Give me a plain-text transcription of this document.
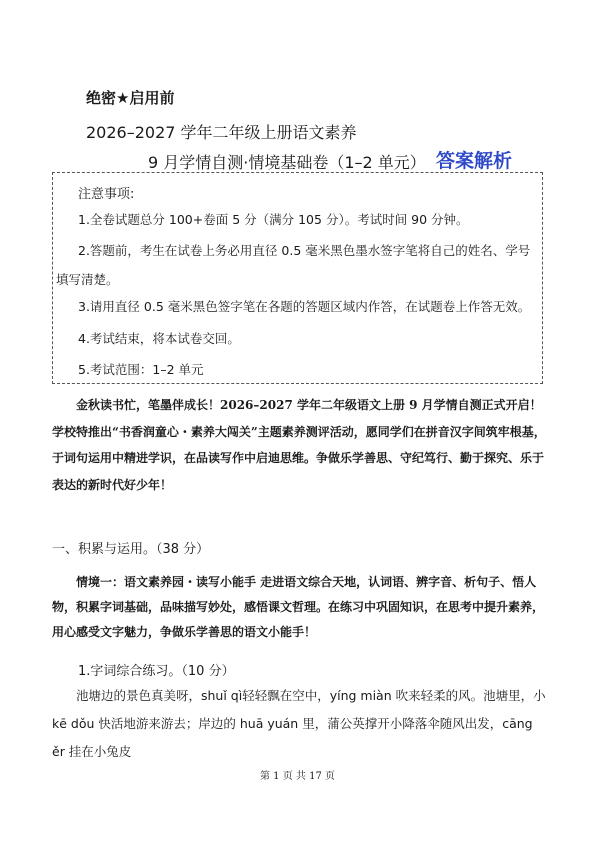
绝密★启用前
2026–2027 学年二年级上册语文素养
9 月学情自测·情境基础卷（1–2 单元） 答案解析
注意事项:
1.全卷试题总分 100+卷面 5 分（满分 105 分）。考试时间 90 分钟。
2.答题前，考生在试卷上务必用直径 0.5 毫米黑色墨水签字笔将自己的姓名、学号填写清楚。
3.请用直径 0.5 毫米黑色签字笔在各题的答题区域内作答，在试题卷上作答无效。
4.考试结束，将本试卷交回。
5.考试范围：1–2 单元

金秋读书忙，笔墨伴成长！2026–2027 学年二年级语文上册 9 月学情自测正式开启！学校特推出“书香润童心・素养大闯关”主题素养测评活动，愿同学们在拼音汉字间筑牢根基，于词句运用中精进学识，在品读写作中启迪思维。争做乐学善思、守纪笃行、勤于探究、乐于表达的新时代好少年！

一、积累与运用。（38 分）

情境一：语文素养园・读写小能手 走进语文综合天地，认词语、辨字音、析句子、悟人物，积累字词基础，品味描写妙处，感悟课文哲理。在练习中巩固知识，在思考中提升素养，用心感受文字魅力，争做乐学善思的语文小能手！

1.字词综合练习。（10 分）

池塘边的景色真美呀，shuǐ qì轻轻飘在空中，yíng miàn 吹来轻柔的风。池塘里，小 kē dǒu 快活地游来游去；岸边的 huā yuán 里，蒲公英撑开小降落伞随风出发，cāng ěr 挂在小兔皮

第 1 页 共 17 页
